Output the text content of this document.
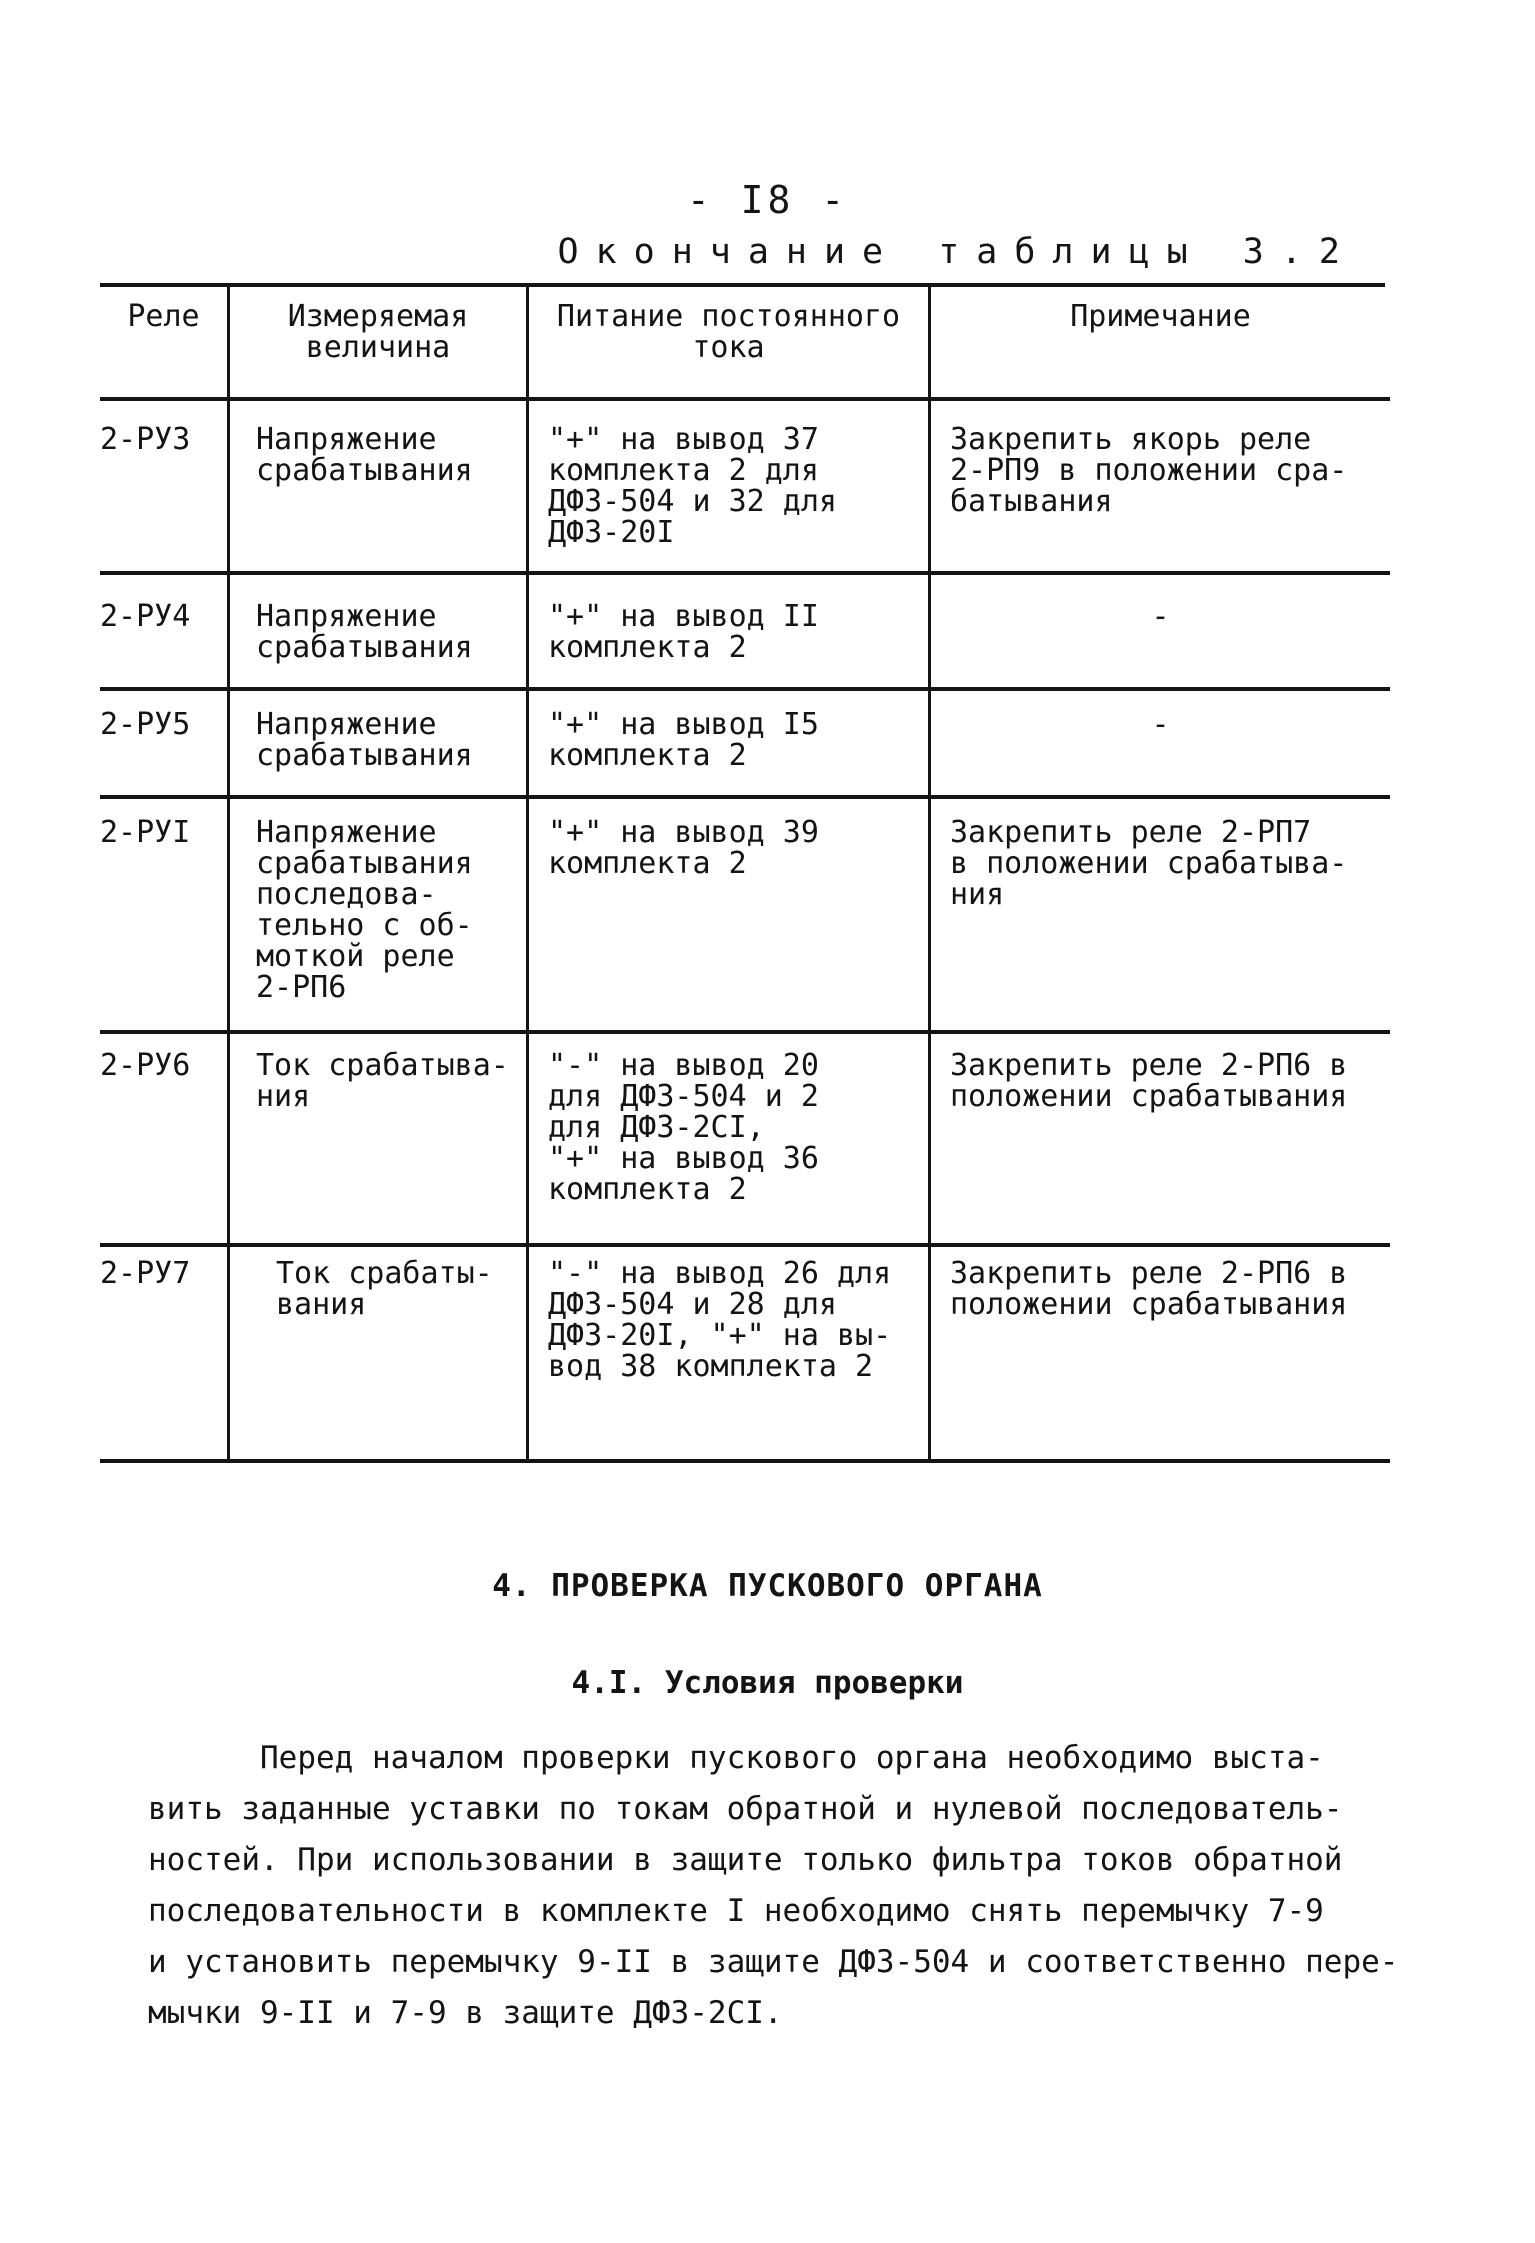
- I8 -
Окончание таблицы 3.2
Реле	Измеряемая
величина
Питание постоянного
тока
Примечание
2-РУ3 Напряжение
срабатывания
"+" на вывод 37
комплекта 2 для
ДФЗ-504 и 32 для
ДФЗ-20I
Закрепить якорь реле
2-РП9 в положении сра-
батывания
2-РУ4 Напряжение
срабатывания
"+" на вывод II
комплекта 2
-
2-РУ5 Напряжение
срабатывания
"+" на вывод I5
комплекта 2
-
2-РУI Напряжение
срабатывания
последова-
тельно с об-
моткой реле
2-РП6
"+" на вывод 39
комплекта 2
Закрепить реле 2-РП7
в положении срабатыва-
ния
2-РУ6 Ток срабатыва-
ния
"-" на вывод 20
для ДФЗ-504 и 2
для ДФЗ-2СI,
"+" на вывод 36
комплекта 2
Закрепить реле 2-РП6 в
положении срабатывания
2-РУ7	Ток срабаты-
вания
"-" на вывод 26 для
ДФЗ-504 и 28 для
ДФЗ-20I, "+" на вы-
вод 38 комплекта 2
Закрепить реле 2-РП6 в
положении срабатывания
4. ПРОВЕРКА ПУСКОВОГО ОРГАНА
4.I. Условия проверки
Перед началом проверки пускового органа необходимо выста-
вить заданные уставки по токам обратной и нулевой последователь-
ностей. При использовании в защите только фильтра токов обратной
последовательности в комплекте I необходимо снять перемычку 7-9
и установить перемычку 9-II в защите ДФЗ-504 и соответственно пере-
мычки 9-II и 7-9 в защите ДФЗ-2СI.
